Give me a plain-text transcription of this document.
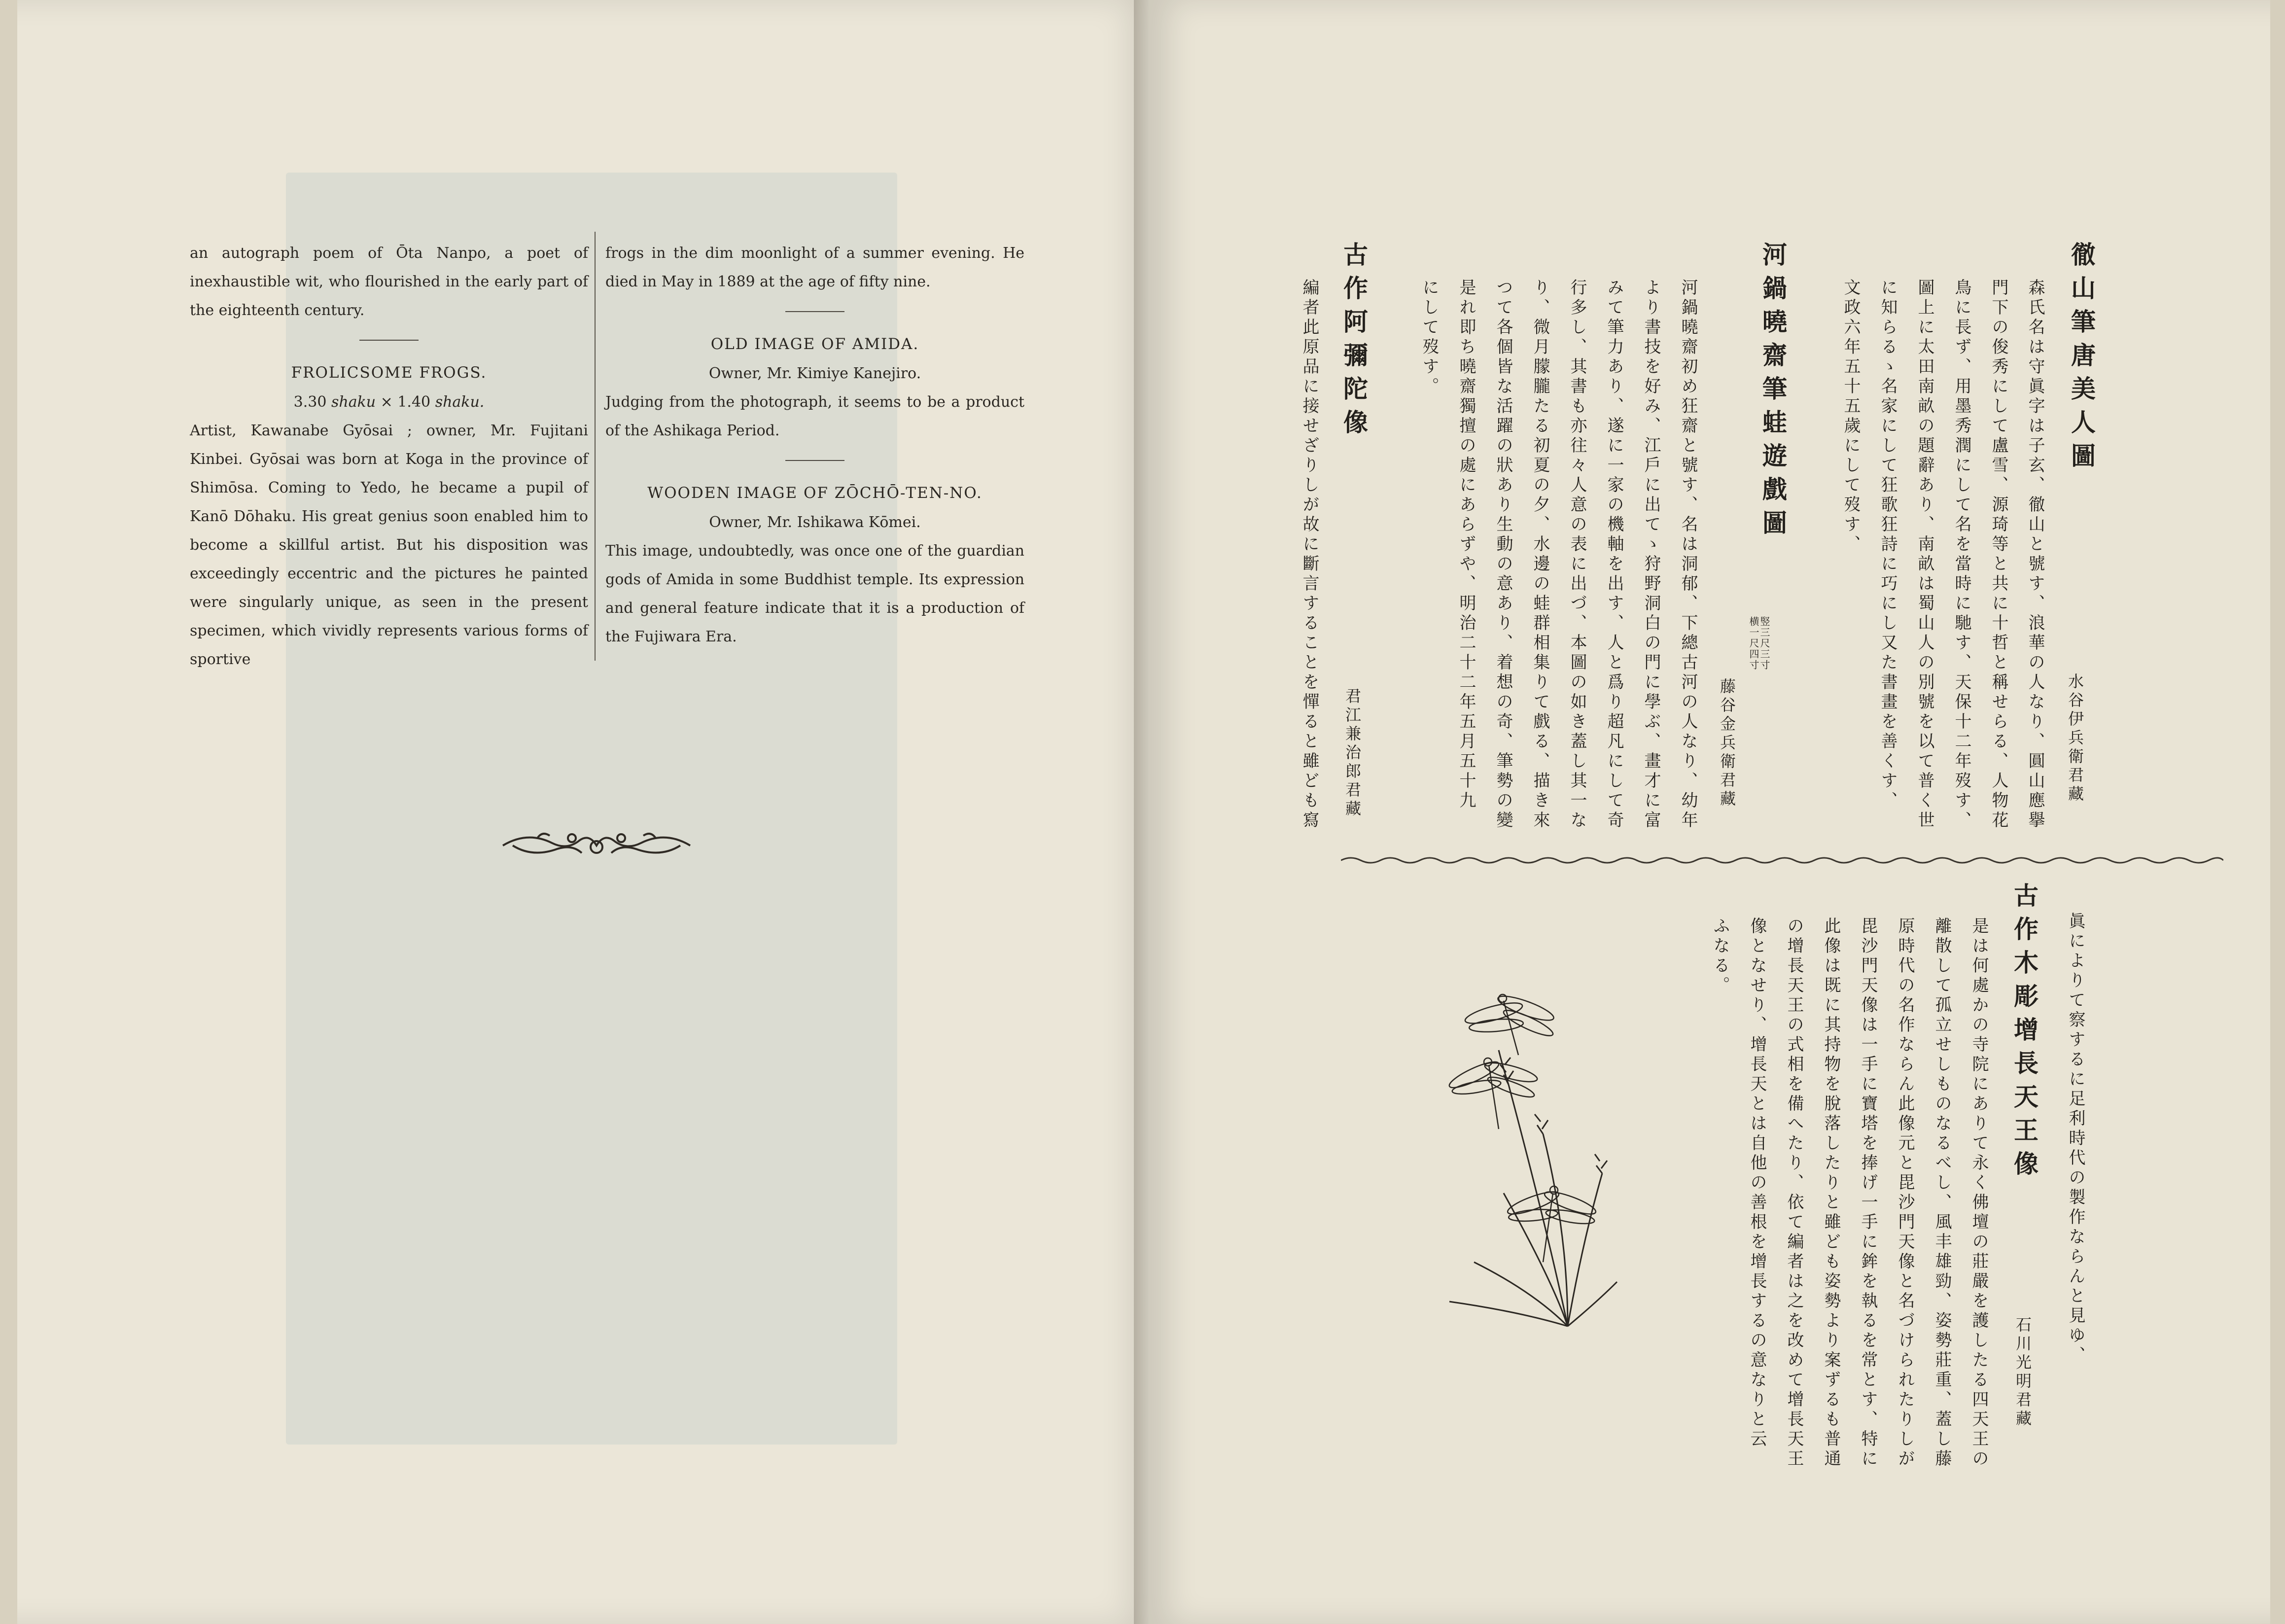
an autograph poem of Ōta Nanpo, a poet of inexhaustible wit, who flourished in the early part of the eighteenth century.

FROLICSOME FROGS.
3.30 shaku × 1.40 shaku.

Artist, Kawanabe Gyōsai ; owner, Mr. Fujitani Kinbei. Gyōsai was born at Koga in the province of Shimōsa. Coming to Yedo, he became a pupil of Kanō Dōhaku. His great genius soon enabled him to become a skillful artist. But his disposition was exceedingly eccentric and the pictures he painted were singularly unique, as seen in the present specimen, which vividly represents various forms of sportive

frogs in the dim moonlight of a summer evening. He died in May in 1889 at the age of fifty nine.

OLD IMAGE OF AMIDA.
Owner, Mr. Kimiye Kanejiro.

Judging from the photograph, it seems to be a product of the Ashikaga Period.

WOODEN IMAGE OF ZŌCHŌ-TEN-NO.
Owner, Mr. Ishikawa Kōmei.

This image, undoubtedly, was once one of the guardian gods of Amida in some Buddhist temple. Its expression and general feature indicate that it is a production of the Fujiwara Era.

徹山筆唐美人圖
水谷伊兵衛君藏
森氏名は守眞字は子玄、徹山と號す、浪華の人なり、圓山應擧
門下の俊秀にして盧雪、源琦等と共に十哲と稱せらる、人物花
鳥に長ず、用墨秀潤にして名を當時に馳す、天保十二年歿す、
圖上に太田南畝の題辭あり、南畝は蜀山人の別號を以て普く世
に知らるゝ名家にして狂歌狂詩に巧にし又た書畫を善くす、
文政六年五十五歲にして歿す、
河鍋曉齋筆蛙遊戲圖
竪三尺三寸
横一尺四寸
藤谷金兵衛君藏
河鍋曉齋初め狂齋と號す、名は洞郁、下總古河の人なり、幼年
より書技を好み、江戶に出てゝ狩野洞白の門に學ぶ、畫才に富
みて筆力あり、遂に一家の機軸を出す、人と爲り超凡にして奇
行多し、其書も亦往々人意の表に出づ、本圖の如き蓋し其一な
り、微月朦朧たる初夏の夕、水邊の蛙群相集りて戲る、描き來
つて各個皆な活躍の狀あり生動の意あり、着想の奇、筆勢の變
是れ即ち曉齋獨擅の處にあらずや、明治二十二年五月五十九
にして歿す。
古作阿彌陀像
君江兼治郎君藏
編者此原品に接せざりしが故に斷言することを憚ると雖ども寫
古作木彫增長天王像
石川光明君藏
眞によりて察するに足利時代の製作ならんと見ゆ、
是は何處かの寺院にありて永く佛壇の莊嚴を護したる四天王の
離散して孤立せしものなるべし、風丰雄勁、姿勢莊重、蓋し藤
原時代の名作ならん此像元と毘沙門天像と名づけられたりしが
毘沙門天像は一手に寶塔を捧げ一手に鉾を執るを常とす、特に
此像は既に其持物を脫落したりと雖ども姿勢より案ずるも普通
の增長天王の式相を備へたり、依て編者は之を改めて增長天王
像となせり、增長天とは自他の善根を增長するの意なりと云
ふなる。
